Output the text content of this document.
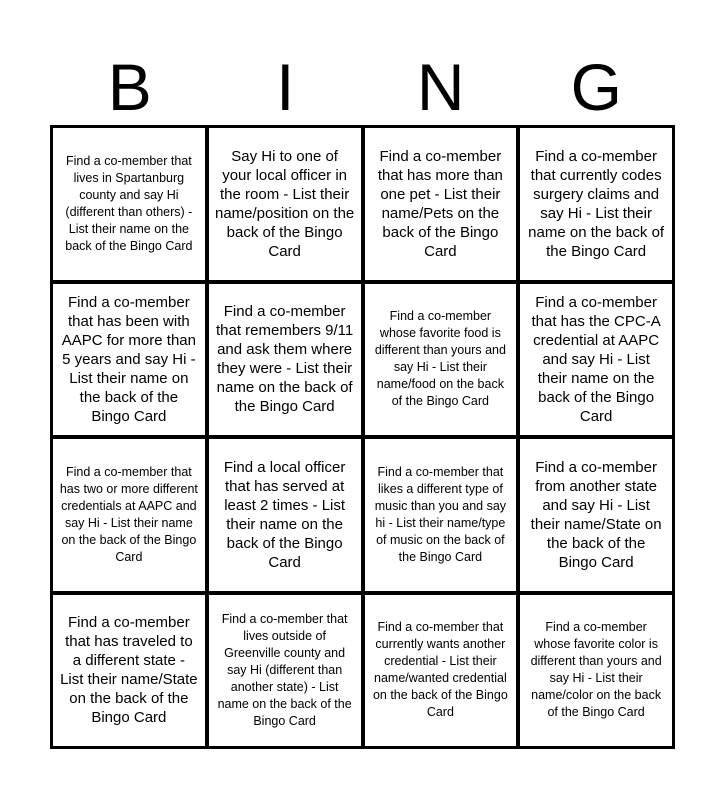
B	I	N	G
Find a co-member that lives in Spartanburg county and say Hi (different than others) - List their name on the back of the Bingo Card
Say Hi to one of your local officer in the room - List their name/position on the back of the Bingo Card
Find a co-member that has more than one pet - List their name/Pets on the back of the Bingo Card
Find a co-member that currently codes surgery claims and say Hi - List their name on the back of the Bingo Card
Find a co-member that has been with AAPC for more than 5 years and say Hi - List their name on the back of the Bingo Card
Find a co-member that remembers 9/11 and ask them where they were - List their name on the back of the Bingo Card
Find a co-member whose favorite food is different than yours and say Hi - List their name/food on the back of the Bingo Card
Find a co-member that has the CPC-A credential at AAPC and say Hi - List their name on the back of the Bingo Card
Find a co-member that has two or more different credentials at AAPC and say Hi - List their name on the back of the Bingo Card
Find a local officer that has served at least 2 times - List their name on the back of the Bingo Card
Find a co-member that likes a different type of music than you and say hi - List their name/type of music on the back of the Bingo Card
Find a co-member from another state and say Hi - List their name/State on the back of the Bingo Card
Find a co-member that has traveled to a different state - List their name/State on the back of the Bingo Card
Find a co-member that lives outside of Greenville county and say Hi (different than another state) - List name on the back of the Bingo Card
Find a co-member that currently wants another credential - List their name/wanted credential on the back of the Bingo Card
Find a co-member whose favorite color is different than yours and say Hi - List their name/color on the back of the Bingo Card
